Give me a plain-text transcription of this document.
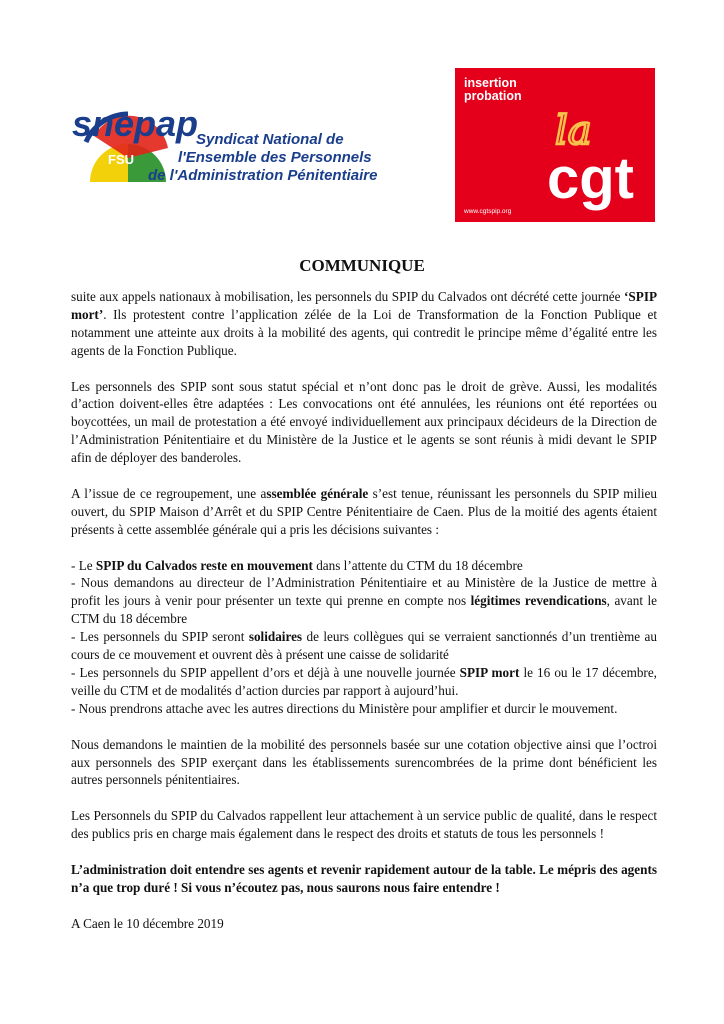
snepap
FSU
Syndicat National de
l'Ensemble des Personnels
de l'Administration Pénitentiaire
insertion
probation
la
cgt
www.cgtspip.org
COMMUNIQUE

suite aux appels nationaux à mobilisation, les personnels du SPIP du Calvados ont décrété cette journée ‘SPIP mort’. Ils protestent contre l’application zélée de la Loi de Transformation de la Fonction Publique et notamment une atteinte aux droits à la mobilité des agents, qui contredit le principe même d’égalité entre les agents de la Fonction Publique.

Les personnels des SPIP sont sous statut spécial et n’ont donc pas le droit de grève. Aussi, les modalités d’action doivent-elles être adaptées : Les convocations ont été annulées, les réunions ont été reportées ou boycottées, un mail de protestation a été envoyé individuellement aux principaux décideurs de la Direction de l’Administration Pénitentiaire et du Ministère de la Justice et le agents se sont réunis à midi devant le SPIP afin de déployer des banderoles.

A l’issue de ce regroupement, une assemblée générale s’est tenue, réunissant les personnels du SPIP milieu ouvert, du SPIP Maison d’Arrêt et du SPIP Centre Pénitentiaire de Caen. Plus de la moitié des agents étaient présents à cette assemblée générale qui a pris les décisions suivantes :

- Le SPIP du Calvados reste en mouvement dans l’attente du CTM du 18 décembre

- Nous demandons au directeur de l’Administration Pénitentiaire et au Ministère de la Justice de mettre à profit les jours à venir pour présenter un texte qui prenne en compte nos légitimes revendications, avant le CTM du 18 décembre

- Les personnels du SPIP seront solidaires de leurs collègues qui se verraient sanctionnés d’un trentième au cours de ce mouvement et ouvrent dès à présent une caisse de solidarité

- Les personnels du SPIP appellent d’ors et déjà à une nouvelle journée SPIP mort le 16 ou le 17 décembre, veille du CTM et de modalités d’action durcies par rapport à aujourd’hui.

- Nous prendrons attache avec les autres directions du Ministère pour amplifier et durcir le mouvement.

Nous demandons le maintien de la mobilité des personnels basée sur une cotation objective ainsi que l’octroi aux personnels des SPIP exerçant dans les établissements surencombrées de la prime dont bénéficient les autres personnels pénitentiaires.

Les Personnels du SPIP du Calvados rappellent leur attachement à un service public de qualité, dans le respect des publics pris en charge mais également dans le respect des droits et statuts de tous les personnels !

L’administration doit entendre ses agents et revenir rapidement autour de la table. Le mépris des agents n’a que trop duré ! Si vous n’écoutez pas, nous saurons nous faire entendre !

A Caen le 10 décembre 2019
